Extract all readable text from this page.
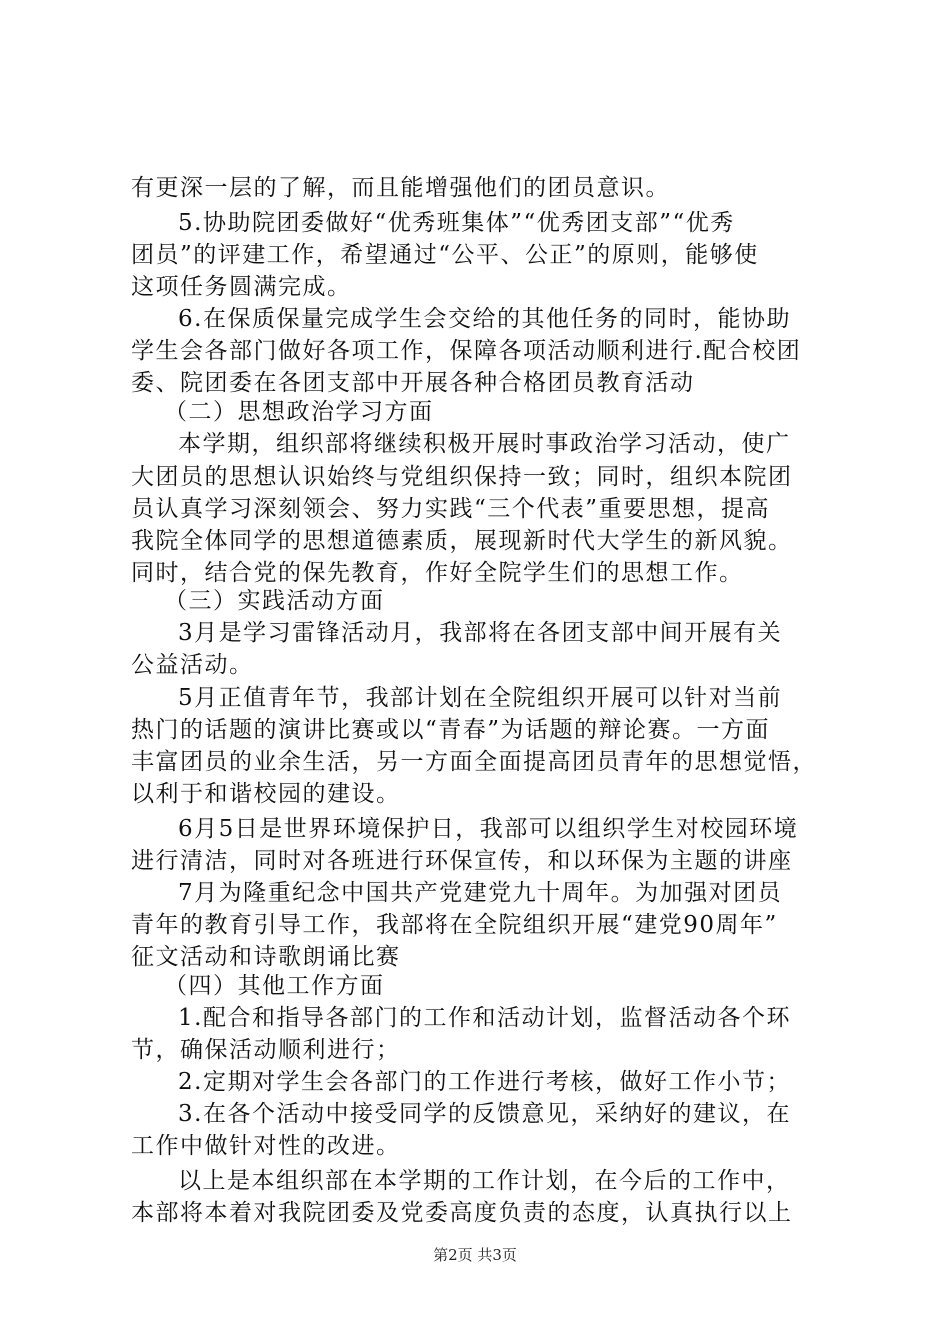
有更深一层的了解，而且能增强他们的团员意识。
5.协助院团委做好“优秀班集体”“优秀团支部”“优秀
团员”的评建工作，希望通过“公平、公正”的原则，能够使
这项任务圆满完成。
6.在保质保量完成学生会交给的其他任务的同时，能协助
学生会各部门做好各项工作，保障各项活动顺利进行.配合校团
委、院团委在各团支部中开展各种合格团员教育活动
（二）思想政治学习方面
本学期，组织部将继续积极开展时事政治学习活动，使广
大团员的思想认识始终与党组织保持一致；同时，组织本院团
员认真学习深刻领会、努力实践“三个代表”重要思想，提高
我院全体同学的思想道德素质，展现新时代大学生的新风貌。
同时，结合党的保先教育，作好全院学生们的思想工作。
（三）实践活动方面
3月是学习雷锋活动月，我部将在各团支部中间开展有关
公益活动。
5月正值青年节，我部计划在全院组织开展可以针对当前
热门的话题的演讲比赛或以“青春”为话题的辩论赛。一方面
丰富团员的业余生活，另一方面全面提高团员青年的思想觉悟，
以利于和谐校园的建设。
6月5日是世界环境保护日，我部可以组织学生对校园环境
进行清洁，同时对各班进行环保宣传，和以环保为主题的讲座
7月为隆重纪念中国共产党建党九十周年。为加强对团员
青年的教育引导工作，我部将在全院组织开展“建党90周年”
征文活动和诗歌朗诵比赛
（四）其他工作方面
1.配合和指导各部门的工作和活动计划，监督活动各个环
节，确保活动顺利进行；
2.定期对学生会各部门的工作进行考核，做好工作小节；
3.在各个活动中接受同学的反馈意见，采纳好的建议，在
工作中做针对性的改进。
以上是本组织部在本学期的工作计划，在今后的工作中，
本部将本着对我院团委及党委高度负责的态度，认真执行以上
第2页 共3页
